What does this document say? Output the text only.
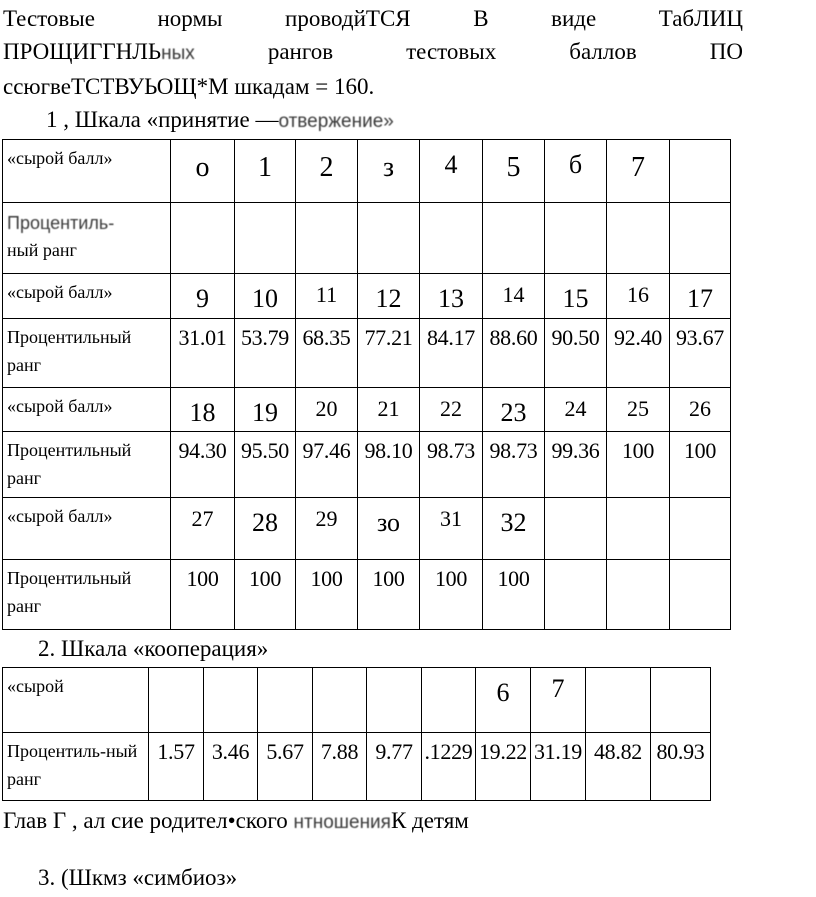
Тестовые	нормы	проводйТСЯ	В	виде	ТабЛИЦ
ПРОЩИГГНЛЬных	рангов	тестовых	баллов	ПО
ссюгвеТСТВУЬОЩ*М шкадам = 160.
1 , Шкала «принятие —отвержение»
«сырой балл»	о	1	2	з	4	5	б	7	

Процентиль-
ный ранг									

«сырой балл»	9	10	11	12	13	14	15	16	17
Процентильный ранг	31.01	53.79	68.35	77.21	84.17	88.60	90.50	92.40	93.67
«сырой балл»	18	19	20	21	22	23	24	25	26
Процентильный ранг	94.30	95.50	97.46	98.10	98.73	98.73	99.36	100	100
«сырой балл»	27	28	29	зо	31	32			
Процентильный ранг	100	100	100	100	100	100			
2. Шкала «кооперация»
«сырой							6	7		
Процентиль-ный ранг	1.57	3.46	5.67	7.88	9.77	.1229	19.22	31.19	48.82	80.93
Глав Г , ал сие родител•ского нтношенияК детям
3. (Шкмз «симбиоз»
